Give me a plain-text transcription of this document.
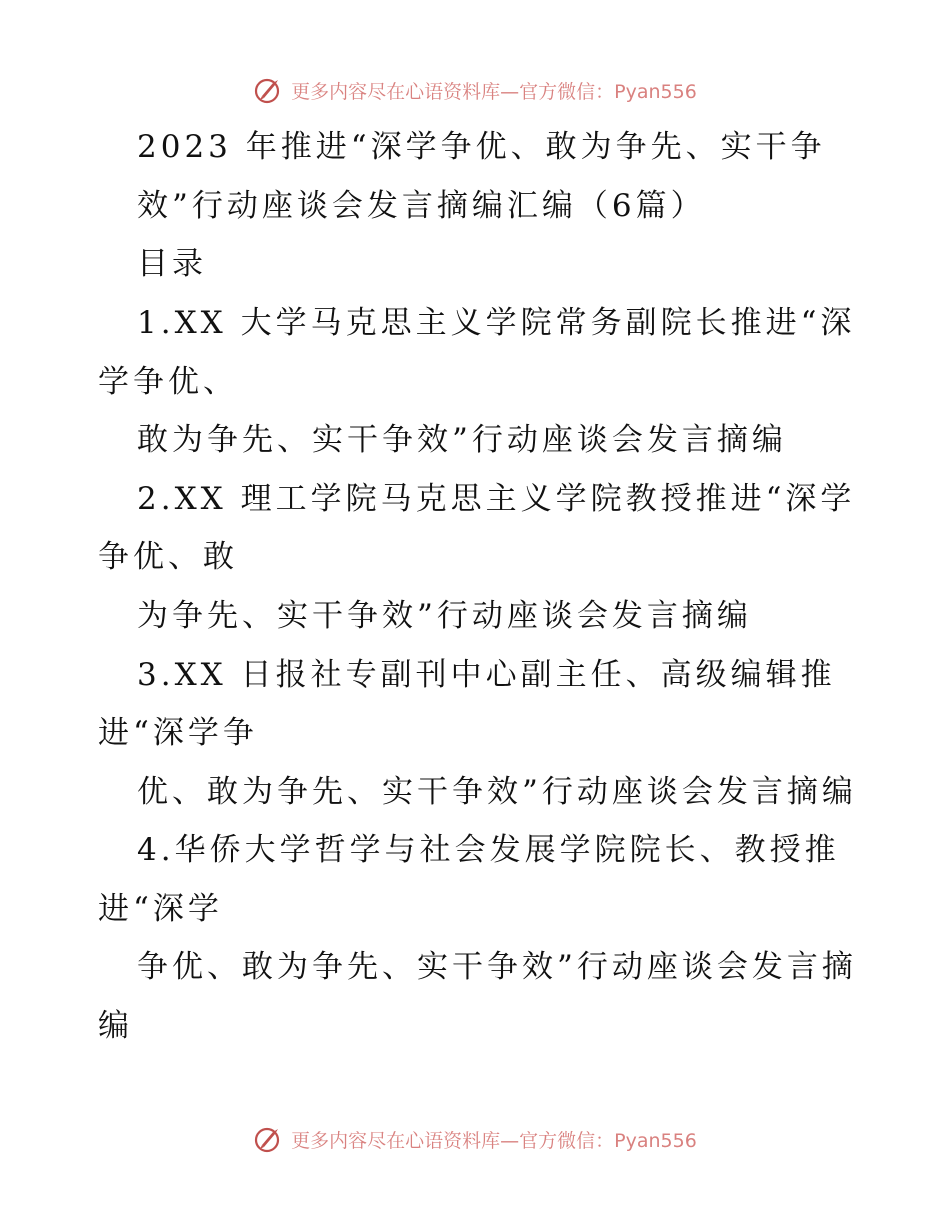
更多内容尽在心语资料库—官方微信：Pyan556
2023 年推进“深学争优、敢为争先、实干争
效”行动座谈会发言摘编汇编（6篇）
目录
1.XX 大学马克思主义学院常务副院长推进“深
学争优、
敢为争先、实干争效”行动座谈会发言摘编
2.XX 理工学院马克思主义学院教授推进“深学
争优、敢
为争先、实干争效”行动座谈会发言摘编
3.XX 日报社专副刊中心副主任、高级编辑推
进“深学争
优、敢为争先、实干争效”行动座谈会发言摘编
4.华侨大学哲学与社会发展学院院长、教授推
进“深学
争优、敢为争先、实干争效”行动座谈会发言摘
编
更多内容尽在心语资料库—官方微信：Pyan556
